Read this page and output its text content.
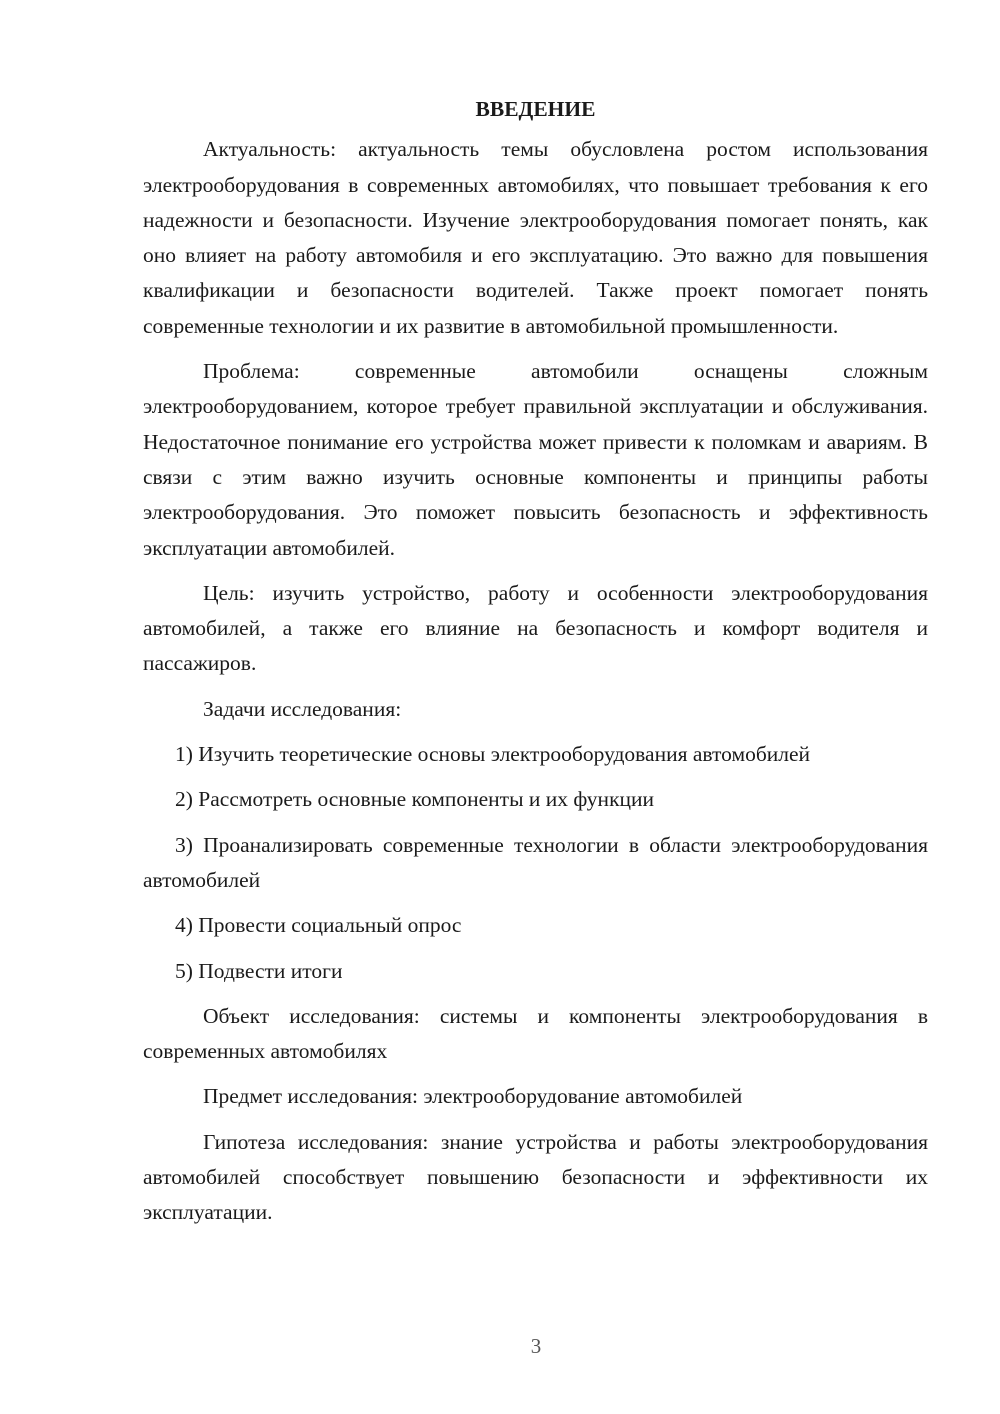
ВВЕДЕНИЕ

Актуальность: актуальность темы обусловлена ростом использования электрооборудования в современных автомобилях, что повышает требования к его надежности и безопасности. Изучение электрооборудования помогает понять, как оно влияет на работу автомобиля и его эксплуатацию. Это важно для повышения квалификации и безопасности водителей. Также проект помогает понять современные технологии и их развитие в автомобильной промышленности.

Проблема: современные автомобили оснащены сложным электрооборудованием, которое требует правильной эксплуатации и обслуживания. Недостаточное понимание его устройства может привести к поломкам и авариям. В связи с этим важно изучить основные компоненты и принципы работы электрооборудования. Это поможет повысить безопасность и эффективность эксплуатации автомобилей.

Цель: изучить устройство, работу и особенности электрооборудования автомобилей, а также его влияние на безопасность и комфорт водителя и пассажиров.

Задачи исследования:

1) Изучить теоретические основы электрооборудования автомобилей
2) Рассмотреть основные компоненты и их функции
3) Проанализировать современные технологии в области электрооборудования автомобилей
4) Провести социальный опрос
5) Подвести итоги

Объект исследования: системы и компоненты электрооборудования в современных автомобилях

Предмет исследования: электрооборудование автомобилей

Гипотеза исследования: знание устройства и работы электрооборудования автомобилей способствует повышению безопасности и эффективности их эксплуатации.

3
